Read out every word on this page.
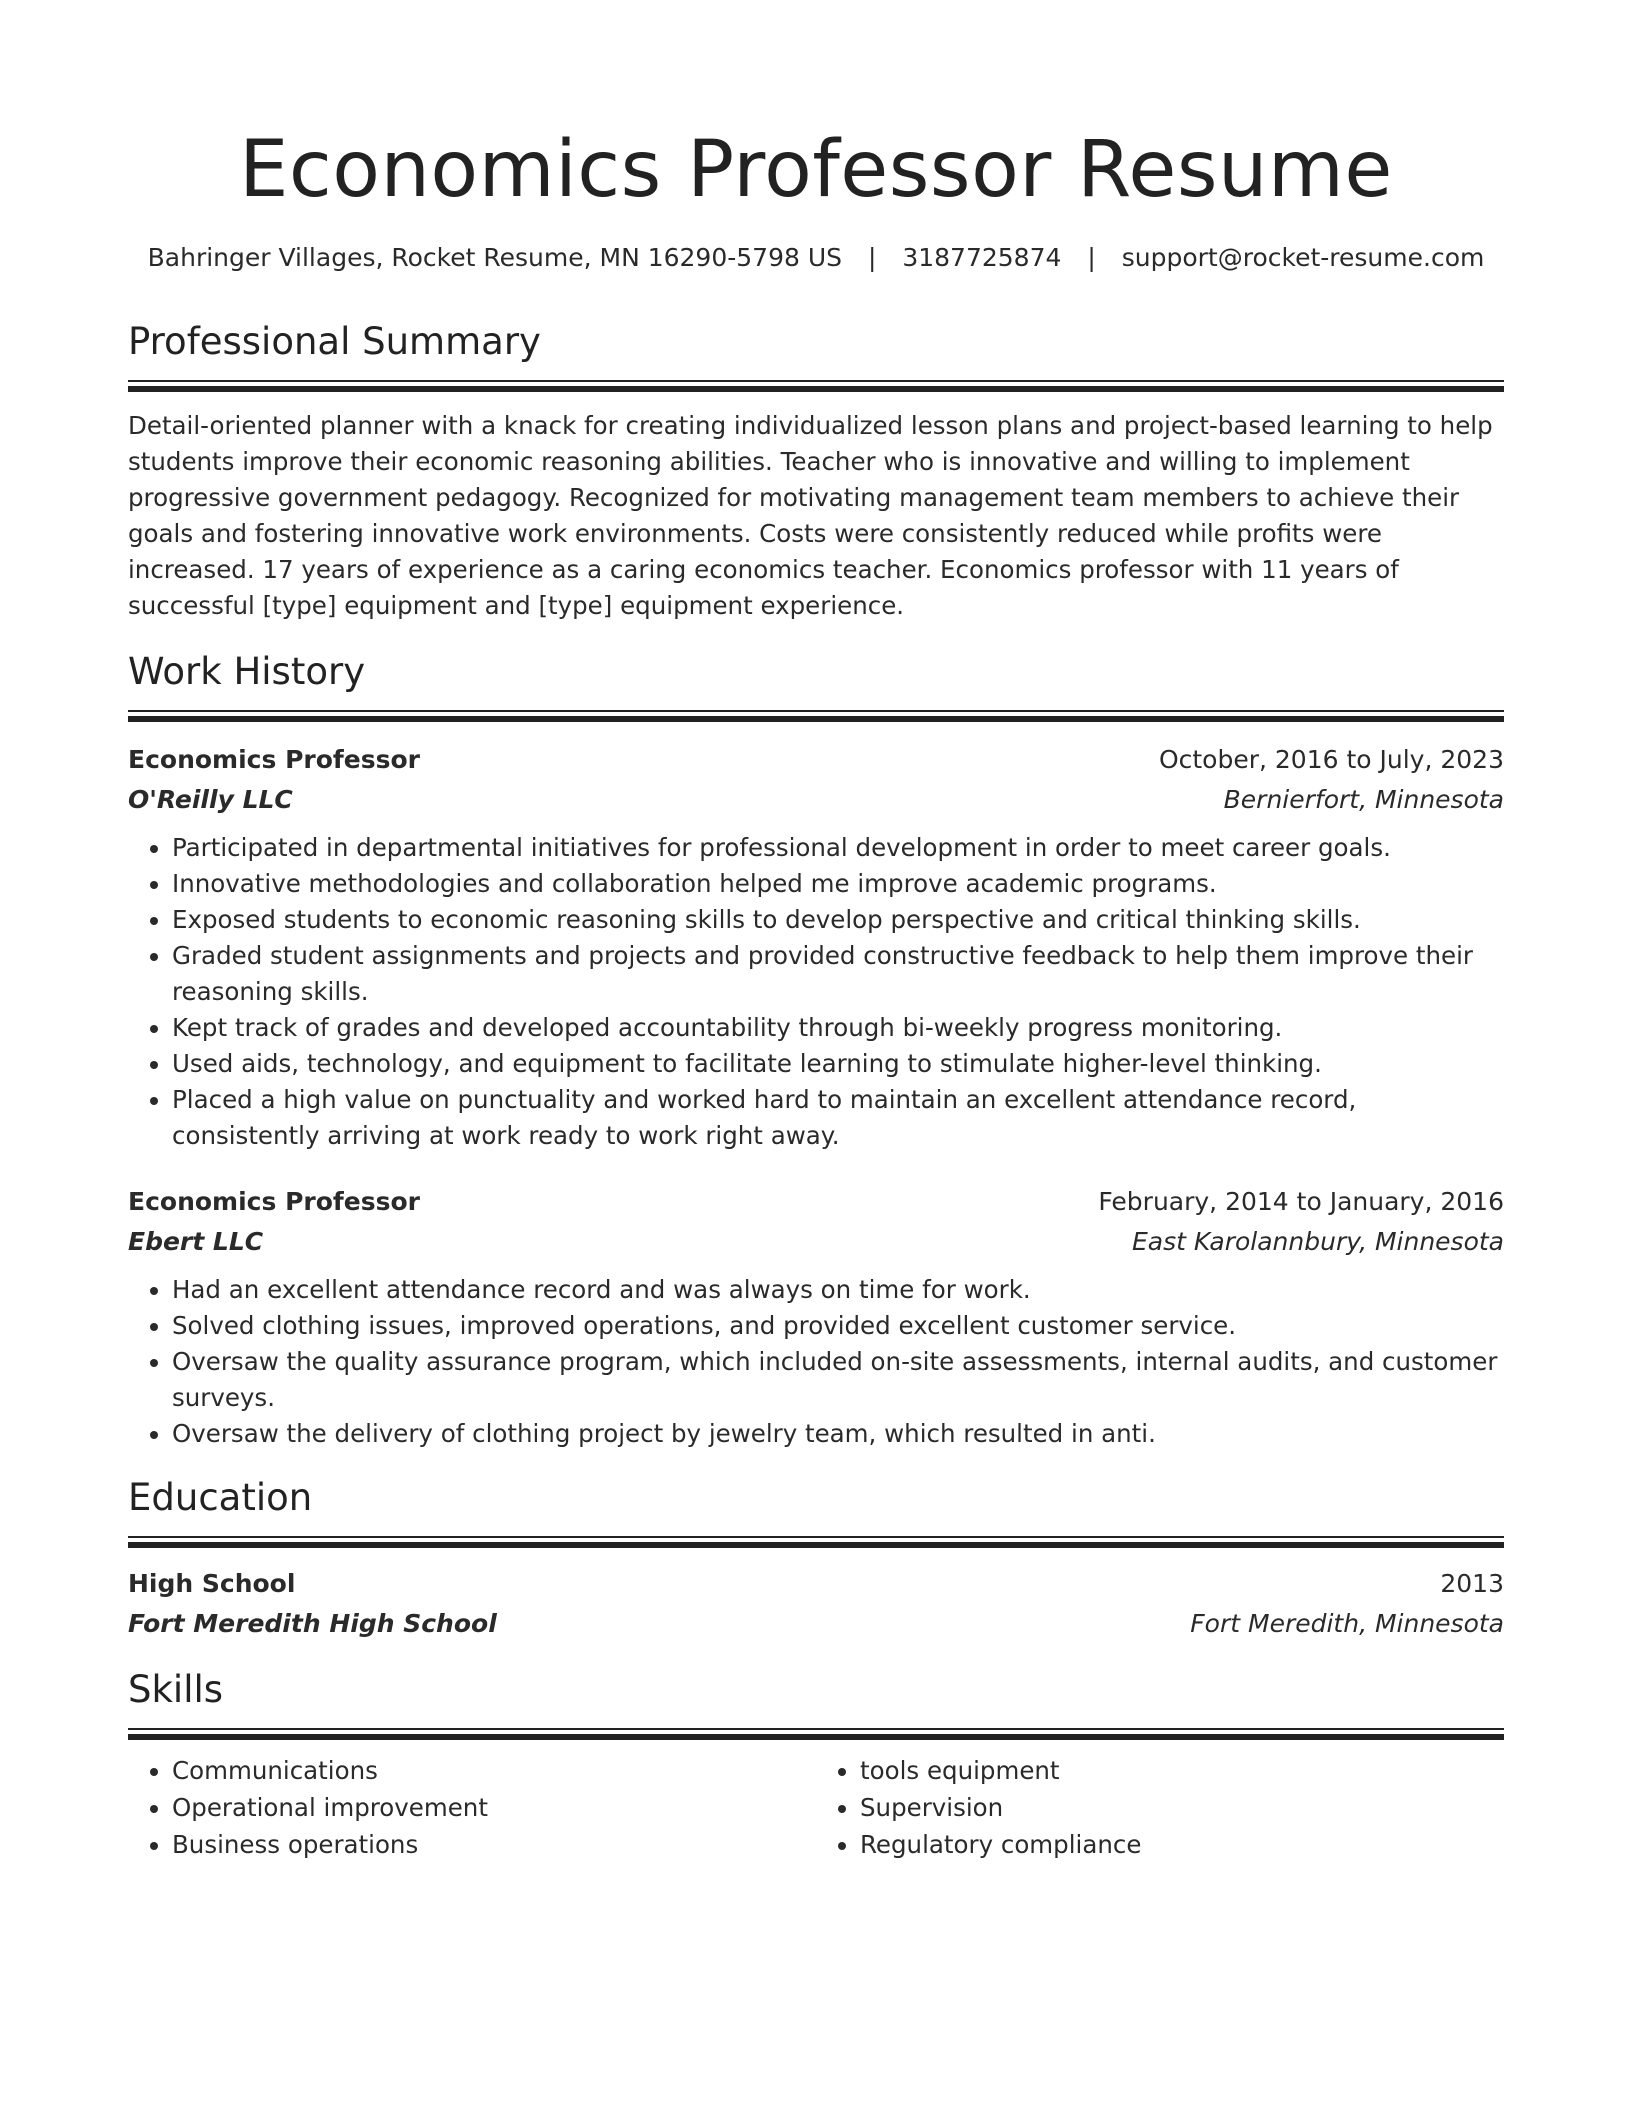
Economics Professor Resume
Bahringer Villages, Rocket Resume, MN 16290-5798 US | 3187725874 | support@rocket-resume.com
Professional Summary

Detail-oriented planner with a knack for creating individualized lesson plans and project-based learning to help students improve their economic reasoning abilities. Teacher who is innovative and willing to implement progressive government pedagogy. Recognized for motivating management team members to achieve their goals and fostering innovative work environments. Costs were consistently reduced while profits were increased. 17 years of experience as a caring economics teacher. Economics professor with 11 years of successful [type] equipment and [type] equipment experience.

Work History
Economics Professor	October, 2016 to July, 2023
O'Reilly LLC	Bernierfort, Minnesota
• Participated in departmental initiatives for professional development in order to meet career goals.
• Innovative methodologies and collaboration helped me improve academic programs.
• Exposed students to economic reasoning skills to develop perspective and critical thinking skills.
• Graded student assignments and projects and provided constructive feedback to help them improve their reasoning skills.
• Kept track of grades and developed accountability through bi-weekly progress monitoring.
• Used aids, technology, and equipment to facilitate learning to stimulate higher-level thinking.
• Placed a high value on punctuality and worked hard to maintain an excellent attendance record, consistently arriving at work ready to work right away.
Economics Professor	February, 2014 to January, 2016
Ebert LLC	East Karolannbury, Minnesota
• Had an excellent attendance record and was always on time for work.
• Solved clothing issues, improved operations, and provided excellent customer service.
• Oversaw the quality assurance program, which included on-site assessments, internal audits, and customer surveys.
• Oversaw the delivery of clothing project by jewelry team, which resulted in anti.
Education
High School	2013
Fort Meredith High School	Fort Meredith, Minnesota
Skills
• Communications
• Operational improvement
• Business operations
• tools equipment
• Supervision
• Regulatory compliance
